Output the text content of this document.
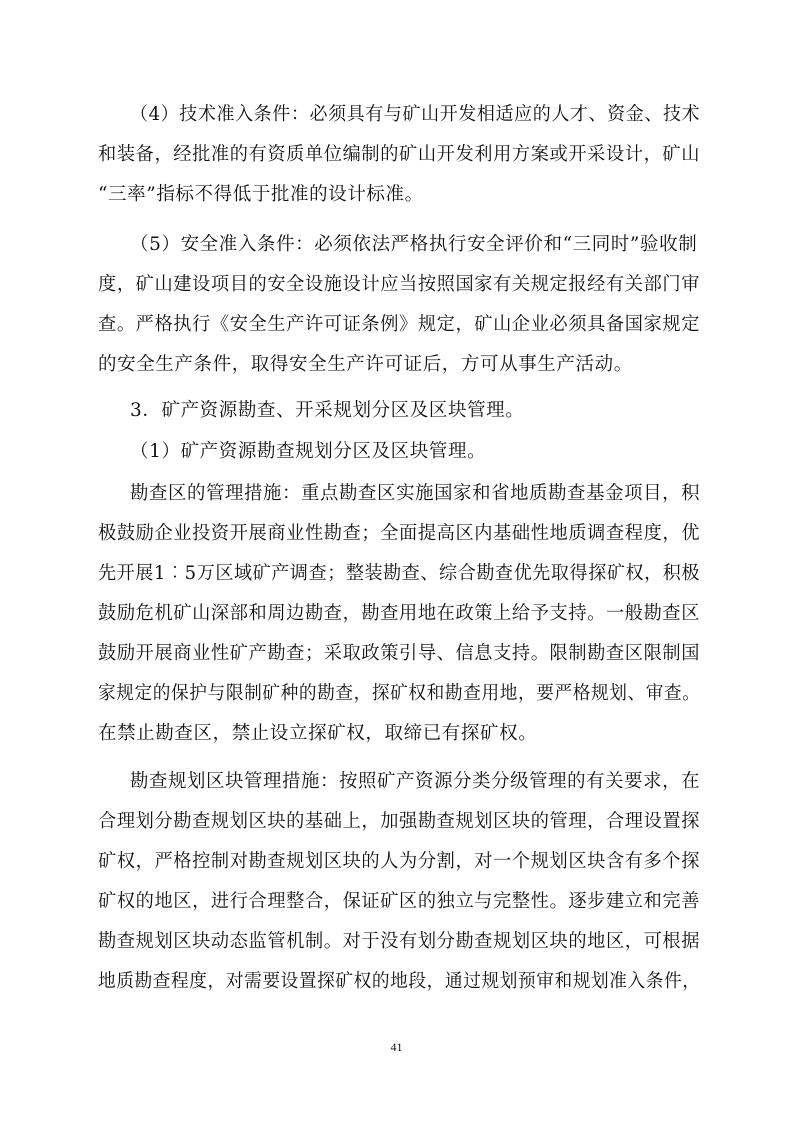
（4）技术准入条件：必须具有与矿山开发相适应的人才、资金、技术
和装备，经批准的有资质单位编制的矿山开发利用方案或开采设计，矿山
“三率”指标不得低于批准的设计标准。
（5）安全准入条件：必须依法严格执行安全评价和“三同时”验收制
度，矿山建设项目的安全设施设计应当按照国家有关规定报经有关部门审
查。严格执行《安全生产许可证条例》规定，矿山企业必须具备国家规定
的安全生产条件，取得安全生产许可证后，方可从事生产活动。
3．矿产资源勘查、开采规划分区及区块管理。
（1）矿产资源勘查规划分区及区块管理。
勘查区的管理措施：重点勘查区实施国家和省地质勘查基金项目，积
极鼓励企业投资开展商业性勘查；全面提高区内基础性地质调查程度，优
先开展1︰5万区域矿产调查；整装勘查、综合勘查优先取得探矿权，积极
鼓励危机矿山深部和周边勘查，勘查用地在政策上给予支持。一般勘查区
鼓励开展商业性矿产勘查；采取政策引导、信息支持。限制勘查区限制国
家规定的保护与限制矿种的勘查，探矿权和勘查用地，要严格规划、审查。
在禁止勘查区，禁止设立探矿权，取缔已有探矿权。
勘查规划区块管理措施：按照矿产资源分类分级管理的有关要求，在
合理划分勘查规划区块的基础上，加强勘查规划区块的管理，合理设置探
矿权，严格控制对勘查规划区块的人为分割，对一个规划区块含有多个探
矿权的地区，进行合理整合，保证矿区的独立与完整性。逐步建立和完善
勘查规划区块动态监管机制。对于没有划分勘查规划区块的地区，可根据
地质勘查程度，对需要设置探矿权的地段，通过规划预审和规划准入条件，
41
